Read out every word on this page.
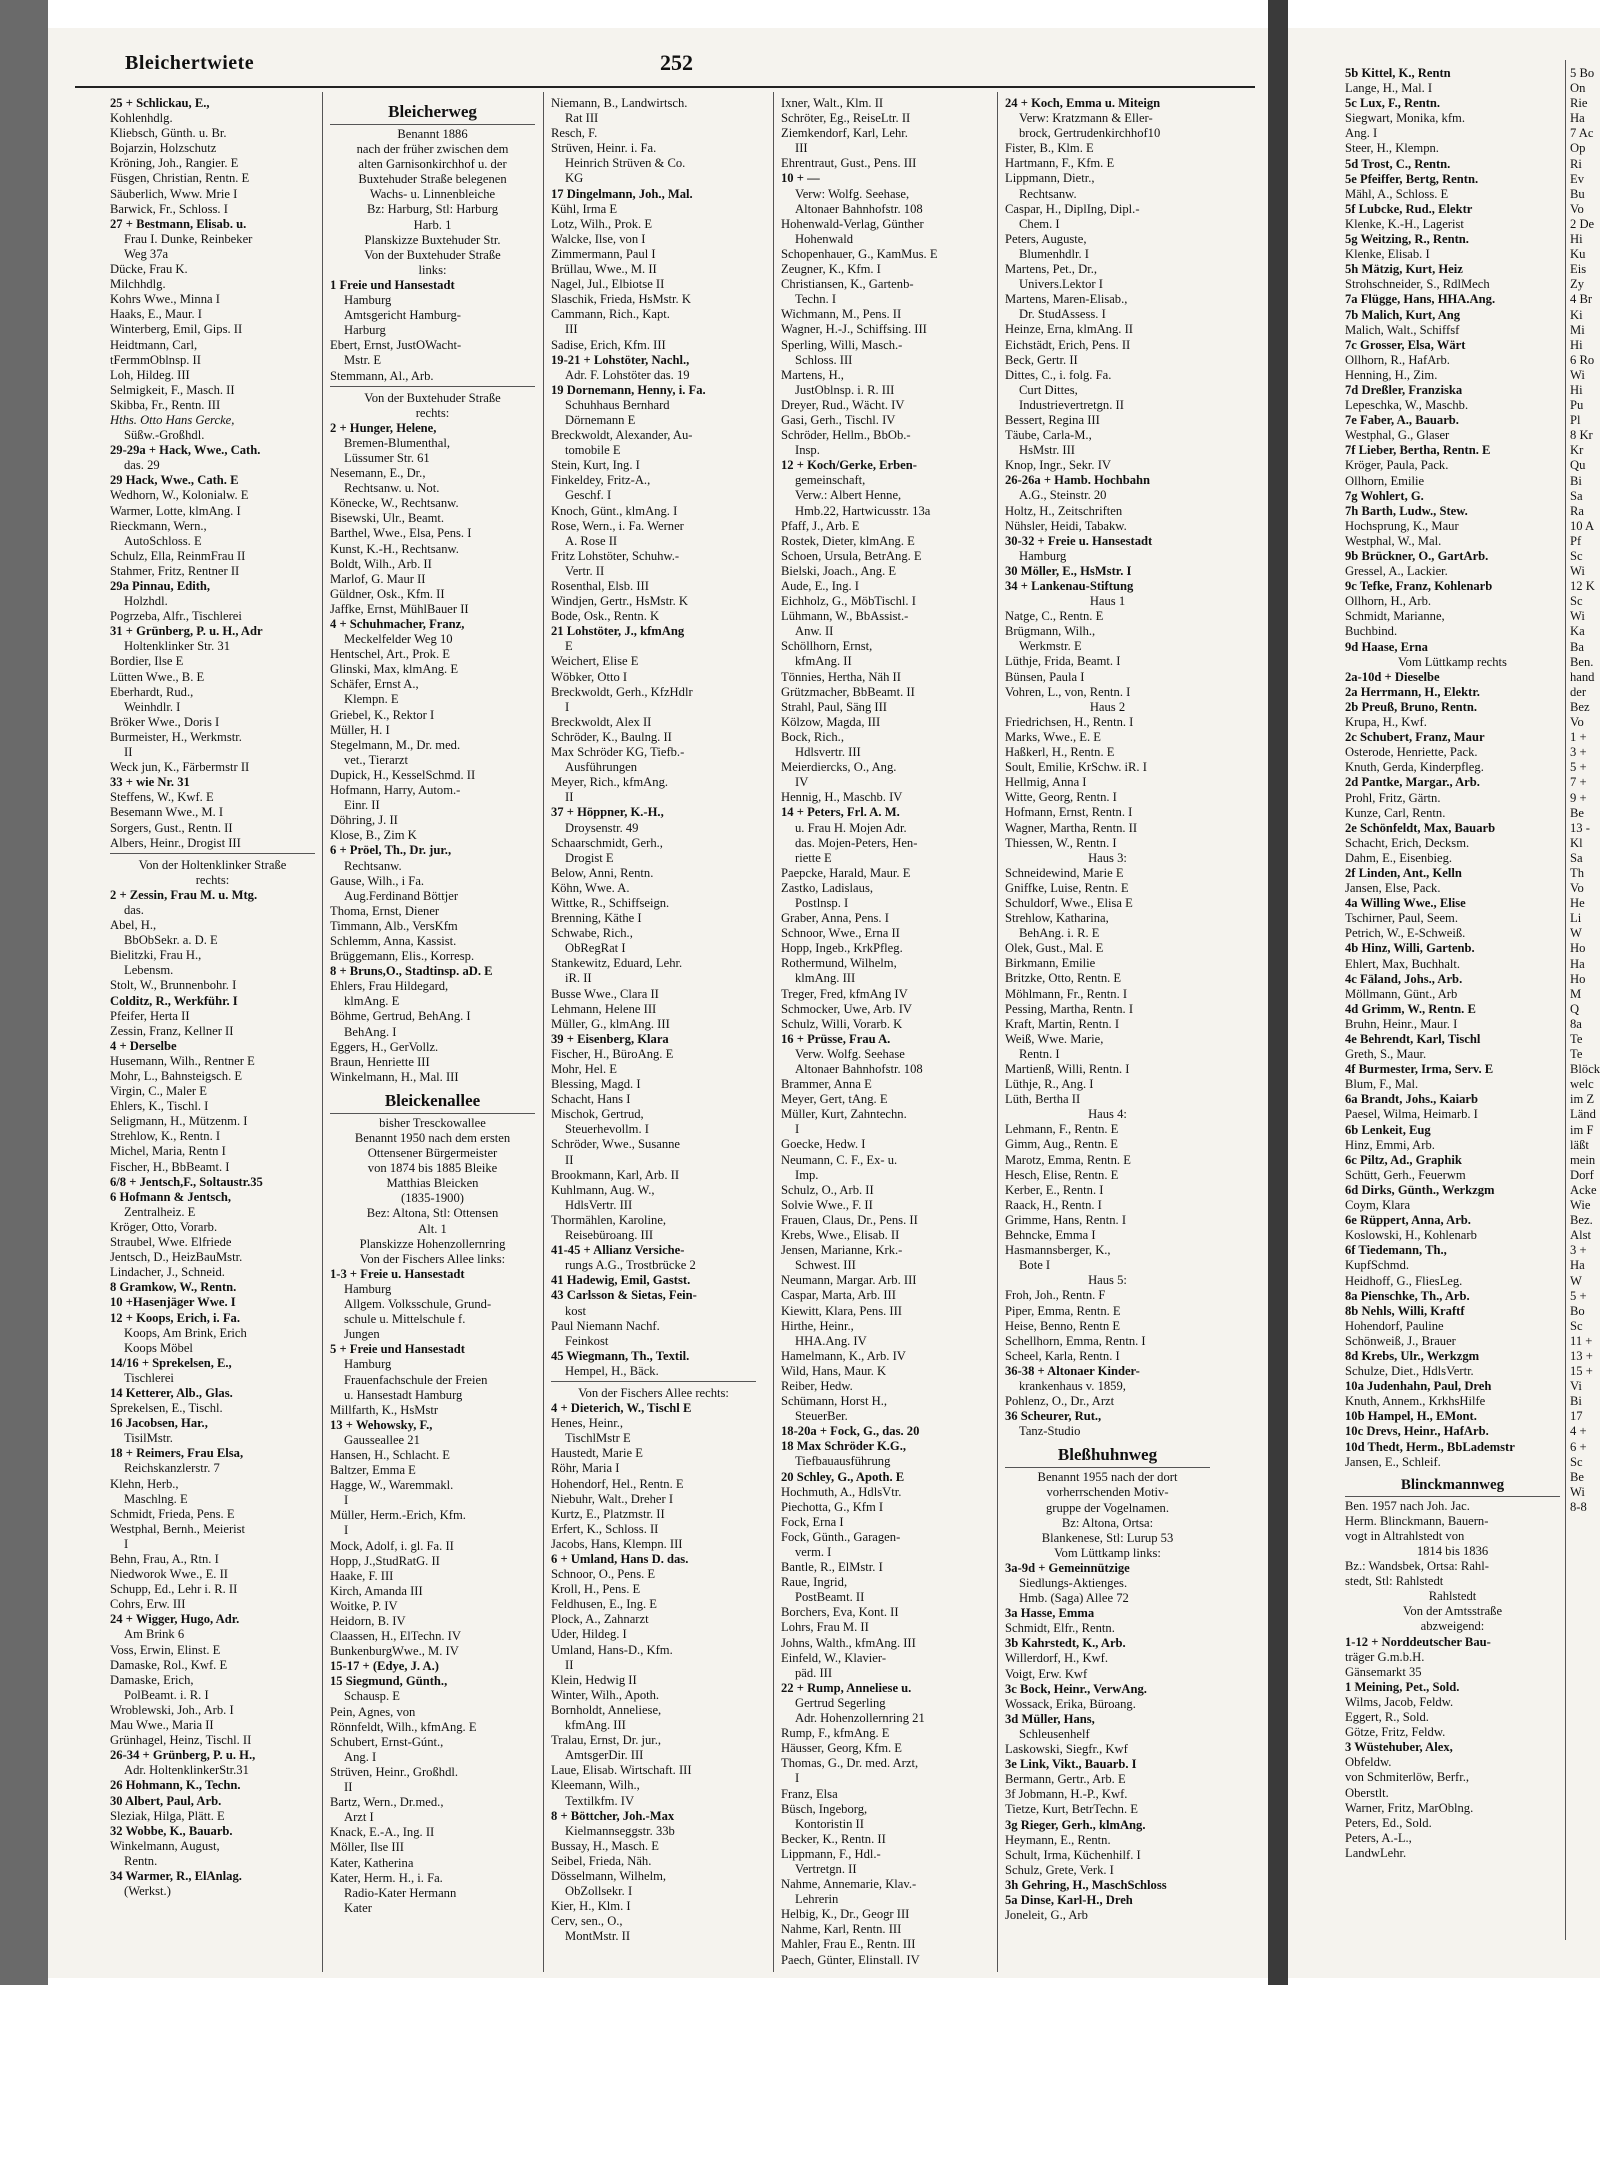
Bleichertwiete	252
25 + Schlickau, E.,
Kohlenhdlg.
Kliebsch, Günth. u. Br.
Bojarzin, Holzschutz
Kröning, Joh., Rangier. E
Füsgen, Christian, Rentn. E
Säuberlich, Www. Mrie I
Barwick, Fr., Schloss. I
27 + Bestmann, Elisab. u.
Frau I. Dunke, Reinbeker
Weg 37a
Dücke, Frau K.
Milchhdlg.
Kohrs Wwe., Minna I
Haaks, E., Maur. I
Winterberg, Emil, Gips. II
Heidtmann, Carl,
tFermmOblnsp. II
Loh, Hildeg. III
Selmigkeit, F., Masch. II
Skibba, Fr., Rentn. III
Hths. Otto Hans Gercke,
Süßw.-Großhdl.
29-29a + Hack, Wwe., Cath.
das. 29
29 Hack, Wwe., Cath. E
Wedhorn, W., Kolonialw. E
Warmer, Lotte, klmAng. I
Rieckmann, Wern.,
AutoSchloss. E
Schulz, Ella, ReinmFrau II
Stahmer, Fritz, Rentner II
29a Pinnau, Edith,
Holzhdl.
Pogrzeba, Alfr., Tischlerei
31 + Grünberg, P. u. H., Adr
Holtenklinker Str. 31
Bordier, Ilse E
Lütten Wwe., B. E
Eberhardt, Rud.,
Weinhdlr. I
Bröker Wwe., Doris I
Burmeister, H., Werkmstr.
II
Weck jun, K., Färbermstr II
33 + wie Nr. 31
Steffens, W., Kwf. E
Besemann Wwe., M. I
Sorgers, Gust., Rentn. II
Albers, Heinr., Drogist III
Von der Holtenklinker Straße
rechts:
2 + Zessin, Frau M. u. Mtg.
das.
Abel, H.,
BbObSekr. a. D. E
Bielitzki, Frau H.,
Lebensm.
Stolt, W., Brunnenbohr. I
Colditz, R., Werkführ. I
Pfeifer, Herta II
Zessin, Franz, Kellner II
4 + Derselbe
Husemann, Wilh., Rentner E
Mohr, L., Bahnsteigsch. E
Virgin, C., Maler E
Ehlers, K., Tischl. I
Seligmann, H., Mützenm. I
Strehlow, K., Rentn. I
Michel, Maria, Rentn I
Fischer, H., BbBeamt. I
6/8 + Jentsch,F., Soltaustr.35
6 Hofmann & Jentsch,
Zentralheiz. E
Kröger, Otto, Vorarb.
Straubel, Wwe. Elfriede
Jentsch, D., HeizBauMstr.
Lindacher, J., Schneid.
8 Gramkow, W., Rentn.
10 +Hasenjäger Wwe. I
12 + Koops, Erich, i. Fa.
Koops, Am Brink, Erich
Koops Möbel
14/16 + Sprekelsen, E.,
Tischlerei
14 Ketterer, Alb., Glas.
Sprekelsen, E., Tischl.
16 Jacobsen, Har.,
TisilMstr.
18 + Reimers, Frau Elsa,
Reichskanzlerstr. 7
Klehn, Herb.,
Maschlng. E
Schmidt, Frieda, Pens. E
Westphal, Bernh., Meierist
I
Behn, Frau, A., Rtn. I
Niedworok Wwe., E. II
Schupp, Ed., Lehr i. R. II
Cohrs, Erw. III
24 + Wigger, Hugo, Adr.
Am Brink 6
Voss, Erwin, Elinst. E
Damaske, Rol., Kwf. E
Damaske, Erich,
PolBeamt. i. R. I
Wroblewski, Joh., Arb. I
Mau Wwe., Maria II
Grünhagel, Heinz, Tischl. II
26-34 + Grünberg, P. u. H.,
Adr. HoltenklinkerStr.31
26 Hohmann, K., Techn.
30 Albert, Paul, Arb.
Sleziak, Hilga, Plätt. E
32 Wobbe, K., Bauarb.
Winkelmann, August,
Rentn.
34 Warmer, R., ElAnlag.
(Werkst.)
Bleicherweg
Benannt 1886
nach der früher zwischen dem
alten Garnisonkirchhof u. der
Buxtehuder Straße belegenen
Wachs- u. Linnenbleiche
Bz: Harburg, Stl: Harburg
Harb. 1
Planskizze Buxtehuder Str.
Von der Buxtehuder Straße
links:
1 Freie und Hansestadt
Hamburg
Amtsgericht Hamburg-
Harburg
Ebert, Ernst, JustOWacht-
Mstr. E
Stemmann, Al., Arb.
Von der Buxtehuder Straße
rechts:
2 + Hunger, Helene,
Bremen-Blumenthal,
Lüssumer Str. 61
Nesemann, E., Dr.,
Rechtsanw. u. Not.
Könecke, W., Rechtsanw.
Bisewski, Ulr., Beamt.
Barthel, Wwe., Elsa, Pens. I
Kunst, K.-H., Rechtsanw.
Boldt, Wilh., Arb. II
Marlof, G. Maur II
Güldner, Osk., Kfm. II
Jaffke, Ernst, MühlBauer II
4 + Schuhmacher, Franz,
Meckelfelder Weg 10
Hentschel, Art., Prok. E
Glinski, Max, klmAng. E
Schäfer, Ernst A.,
Klempn. E
Griebel, K., Rektor I
Müller, H. I
Stegelmann, M., Dr. med.
vet., Tierarzt
Dupick, H., KesselSchmd. II
Hofmann, Harry, Autom.-
Einr. II
Döhring, J. II
Klose, B., Zim K
6 + Pröel, Th., Dr. jur.,
Rechtsanw.
Gause, Wilh., i Fa.
Aug.Ferdinand Böttjer
Thoma, Ernst, Diener
Timmann, Alb., VersKfm
Schlemm, Anna, Kassist.
Brüggemann, Elis., Korresp.
8 + Bruns,O., Stadtinsp. aD. E
Ehlers, Frau Hildegard,
klmAng. E
Böhme, Gertrud, BehAng. I
BehAng. I
Eggers, H., GerVollz.
Braun, Henriette III
Winkelmann, H., Mal. III
Bleickenallee
bisher Tresckowallee
Benannt 1950 nach dem ersten
Ottensener Bürgermeister
von 1874 bis 1885 Bleike
Matthias Bleicken
(1835-1900)
Bez: Altona, Stl: Ottensen
Alt. 1
Planskizze Hohenzollernring
Von der Fischers Allee links:
1-3 + Freie u. Hansestadt
Hamburg
Allgem. Volksschule, Grund-
schule u. Mittelschule f.
Jungen
5 + Freie und Hansestadt
Hamburg
Frauenfachschule der Freien
u. Hansestadt Hamburg
Millfarth, K., HsMstr
13 + Wehowsky, F.,
Gausseallee 21
Hansen, H., Schlacht. E
Baltzer, Emma E
Hagge, W., Waremmakl.
I
Müller, Herm.-Erich, Kfm.
I
Mock, Adolf, i. gl. Fa. II
Hopp, J.,StudRatG. II
Haake, F. III
Kirch, Amanda III
Woitke, P. IV
Heidorn, B. IV
Claassen, H., ElTechn. IV
BunkenburgWwe., M. IV
15-17 + (Edye, J. A.)
15 Siegmund, Günth.,
Schausp. E
Pein, Agnes, von
Rönnfeldt, Wilh., kfmAng. E
Schubert, Ernst-Gúnt.,
Ang. I
Strüven, Heinr., Großhdl.
II
Bartz, Wern., Dr.med.,
Arzt I
Knack, E.-A., Ing. II
Möller, Ilse III
Kater, Katherina
Kater, Herm. H., i. Fa.
Radio-Kater Hermann
Kater
Niemann, B., Landwirtsch.
Rat III
Resch, F.
Strüven, Heinr. i. Fa.
Heinrich Strüven & Co.
KG
17 Dingelmann, Joh., Mal.
Kühl, Irma E
Lotz, Wilh., Prok. E
Walcke, Ilse, von I
Zimmermann, Paul I
Brüllau, Wwe., M. II
Nagel, Jul., Elbiotse II
Slaschik, Frieda, HsMstr. K
Cammann, Rich., Kapt.
III
Sadise, Erich, Kfm. III
19-21 + Lohstöter, Nachl.,
Adr. F. Lohstöter das. 19
19 Dornemann, Henny, i. Fa.
Schuhhaus Bernhard
Dörnemann E
Breckwoldt, Alexander, Au-
tomobile E
Stein, Kurt, Ing. I
Finkeldey, Fritz-A.,
Geschf. I
Knoch, Günt., klmAng. I
Rose, Wern., i. Fa. Werner
A. Rose II
Fritz Lohstöter, Schuhw.-
Vertr. II
Rosenthal, Elsb. III
Windjen, Gertr., HsMstr. K
Bode, Osk., Rentn. K
21 Lohstöter, J., kfmAng
E
Weichert, Elise E
Wöbker, Otto I
Breckwoldt, Gerh., KfzHdlr
I
Breckwoldt, Alex II
Schröder, K., Baulng. II
Max Schröder KG, Tiefb.-
Ausführungen
Meyer, Rich., kfmAng.
II
37 + Höppner, K.-H.,
Droysenstr. 49
Schaarschmidt, Gerh.,
Drogist E
Below, Anni, Rentn.
Köhn, Wwe. A.
Wittke, R., Schiffseign.
Brenning, Käthe I
Schwabe, Rich.,
ObRegRat I
Stankewitz, Eduard, Lehr.
iR. II
Busse Wwe., Clara II
Lehmann, Helene III
Müller, G., klmAng. III
39 + Eisenberg, Klara
Fischer, H., BüroAng. E
Mohr, Hel. E
Blessing, Magd. I
Schacht, Hans I
Mischok, Gertrud,
Steuerhevollm. I
Schröder, Wwe., Susanne
II
Brookmann, Karl, Arb. II
Kuhlmann, Aug. W.,
HdlsVertr. III
Thormählen, Karoline,
Reisebüroang. III
41-45 + Allianz Versiche-
rungs A.G., Trostbrücke 2
41 Hadewig, Emil, Gastst.
43 Carlsson & Sietas, Fein-
kost
Paul Niemann Nachf.
Feinkost
45 Wiegmann, Th., Textil.
Hempel, H., Bäck.
Von der Fischers Allee rechts:
4 + Dieterich, W., Tischl E
Henes, Heinr.,
TischlMstr E
Haustedt, Marie E
Röhr, Maria I
Hohendorf, Hel., Rentn. E
Niebuhr, Walt., Dreher I
Kurtz, E., Platzmstr. II
Erfert, K., Schloss. II
Jacobs, Hans, Klempn. III
6 + Umland, Hans D. das.
Schnoor, O., Pens. E
Kroll, H., Pens. E
Feldhusen, E., Ing. E
Plock, A., Zahnarzt
Uder, Hildeg. I
Umland, Hans-D., Kfm.
II
Klein, Hedwig II
Winter, Wilh., Apoth.
Bornholdt, Anneliese,
kfmAng. III
Tralau, Ernst, Dr. jur.,
AmtsgerDir. III
Laue, Elisab. Wirtschaft. III
Kleemann, Wilh.,
Textilkfm. IV
8 + Böttcher, Joh.-Max
Kielmannseggstr. 33b
Bussay, H., Masch. E
Seibel, Frieda, Näh.
Dösselmann, Wilhelm,
ObZollsekr. I
Kier, H., Klm. I
Cerv, sen., O.,
MontMstr. II
Ixner, Walt., Klm. II
Schröter, Eg., ReiseLtr. II
Ziemkendorf, Karl, Lehr.
III
Ehrentraut, Gust., Pens. III
10 + —
Verw: Wolfg. Seehase,
Altonaer Bahnhofstr. 108
Hohenwald-Verlag, Günther
Hohenwald
Schopenhauer, G., KamMus. E
Zeugner, K., Kfm. I
Christiansen, K., Gartenb-
Techn. I
Wichmann, M., Pens. II
Wagner, H.-J., Schiffsing. III
Sperling, Willi, Masch.-
Schloss. III
Martens, H.,
JustOblnsp. i. R. III
Dreyer, Rud., Wächt. IV
Gasi, Gerh., Tischl. IV
Schröder, Hellm., BbOb.-
Insp.
12 + Koch/Gerke, Erben-
gemeinschaft,
Verw.: Albert Henne,
Hmb.22, Hartwicusstr. 13a
Pfaff, J., Arb. E
Rostek, Dieter, klmAng. E
Schoen, Ursula, BetrAng. E
Bielski, Joach., Ang. E
Aude, E., Ing. I
Eichholz, G., MöbTischl. I
Lühmann, W., BbAssist.-
Anw. II
Schöllhorn, Ernst,
kfmAng. II
Tönnies, Hertha, Näh II
Grützmacher, BbBeamt. II
Strahl, Paul, Säng III
Kölzow, Magda, III
Bock, Rich.,
Hdlsvertr. III
Meierdiercks, O., Ang.
IV
Hennig, H., Maschb. IV
14 + Peters, Frl. A. M.
u. Frau H. Mojen Adr.
das. Mojen-Peters, Hen-
riette E
Paepcke, Harald, Maur. E
Zastko, Ladislaus,
Postlnsp. I
Graber, Anna, Pens. I
Schnoor, Wwe., Erna II
Hopp, Ingeb., KrkPfleg.
Rothermund, Wilhelm,
klmAng. III
Treger, Fred, kfmAng IV
Schmocker, Uwe, Arb. IV
Schulz, Willi, Vorarb. K
16 + Prüsse, Frau A.
Verw. Wolfg. Seehase
Altonaer Bahnhofstr. 108
Brammer, Anna E
Meyer, Gert, tAng. E
Müller, Kurt, Zahntechn.
I
Goecke, Hedw. I
Neumann, C. F., Ex- u.
Imp.
Schulz, O., Arb. II
Solvie Wwe., F. II
Frauen, Claus, Dr., Pens. II
Krebs, Wwe., Elisab. II
Jensen, Marianne, Krk.-
Schwest. III
Neumann, Margar. Arb. III
Caspar, Marta, Arb. III
Kiewitt, Klara, Pens. III
Hirthe, Heinr.,
HHA.Ang. IV
Hamelmann, K., Arb. IV
Wild, Hans, Maur. K
Reiber, Hedw.
Schümann, Horst H.,
SteuerBer.
18-20a + Fock, G., das. 20
18 Max Schröder K.G.,
Tiefbauausführung
20 Schley, G., Apoth. E
Hochmuth, A., HdlsVtr.
Piechotta, G., Kfm I
Fock, Erna I
Fock, Günth., Garagen-
verm. I
Bantle, R., ElMstr. I
Raue, Ingrid,
PostBeamt. II
Borchers, Eva, Kont. II
Lohrs, Frau M. II
Johns, Walth., kfmAng. III
Einfeld, W., Klavier-
päd. III
22 + Rump, Anneliese u.
Gertrud Segerling
Adr. Hohenzollernring 21
Rump, F., kfmAng. E
Häusser, Georg, Kfm. E
Thomas, G., Dr. med. Arzt,
I
Franz, Elsa
Büsch, Ingeborg,
Kontoristin II
Becker, K., Rentn. II
Lippmann, F., Hdl.-
Vertretgn. II
Nahme, Annemarie, Klav.-
Lehrerin
Helbig, K., Dr., Geogr III
Nahme, Karl, Rentn. III
Mahler, Frau E., Rentn. III
Paech, Günter, Elinstall. IV
24 + Koch, Emma u. Miteign
Verw: Kratzmann & Eller-
brock, Gertrudenkirchhof10
Fister, B., Klm. E
Hartmann, F., Kfm. E
Lippmann, Dietr.,
Rechtsanw.
Caspar, H., DiplIng, Dipl.-
Chem. I
Peters, Auguste,
Blumenhdlr. I
Martens, Pet., Dr.,
Univers.Lektor I
Martens, Maren-Elisab.,
Dr. StudAssess. I
Heinze, Erna, klmAng. II
Eichstädt, Erich, Pens. II
Beck, Gertr. II
Dittes, C., i. folg. Fa.
Curt Dittes,
Industrievertretgn. II
Bessert, Regina III
Täube, Carla-M.,
HsMstr. III
Knop, Ingr., Sekr. IV
26-26a + Hamb. Hochbahn
A.G., Steinstr. 20
Holtz, H., Zeitschriften
Nühsler, Heidi, Tabakw.
30-32 + Freie u. Hansestadt
Hamburg
30 Möller, E., HsMstr. I
34 + Lankenau-Stiftung
Haus 1
Natge, C., Rentn. E
Brügmann, Wilh.,
Werkmstr. E
Lüthje, Frida, Beamt. I
Bünsen, Paula I
Vohren, L., von, Rentn. I
Haus 2
Friedrichsen, H., Rentn. I
Marks, Wwe., E. E
Haßkerl, H., Rentn. E
Soult, Emilie, KrSchw. iR. I
Hellmig, Anna I
Witte, Georg, Rentn. I
Hofmann, Ernst, Rentn. I
Wagner, Martha, Rentn. II
Thiessen, W., Rentn. I
Haus 3:
Schneidewind, Marie E
Gniffke, Luise, Rentn. E
Schuldorf, Wwe., Elisa E
Strehlow, Katharina,
BehAng. i. R. E
Olek, Gust., Mal. E
Birkmann, Emilie
Britzke, Otto, Rentn. E
Möhlmann, Fr., Rentn. I
Pessing, Martha, Rentn. I
Kraft, Martin, Rentn. I
Weiß, Wwe. Marie,
Rentn. I
Martienß, Willi, Rentn. I
Lüthje, R., Ang. I
Lüth, Bertha II
Haus 4:
Lehmann, F., Rentn. E
Gimm, Aug., Rentn. E
Marotz, Emma, Rentn. E
Hesch, Elise, Rentn. E
Kerber, E., Rentn. I
Raack, H., Rentn. I
Grimme, Hans, Rentn. I
Behncke, Emma I
Hasmannsberger, K.,
Bote I
Haus 5:
Froh, Joh., Rentn. F
Piper, Emma, Rentn. E
Heise, Benno, Rentn E
Schellhorn, Emma, Rentn. I
Scheel, Karla, Rentn. I
36-38 + Altonaer Kinder-
krankenhaus v. 1859,
Pohlenz, O., Dr., Arzt
36 Scheurer, Rut.,
Tanz-Studio
Bleßhuhnweg
Benannt 1955 nach der dort
vorherrschenden Motiv-
gruppe der Vogelnamen.
Bz: Altona, Ortsa:
Blankenese, Stl: Lurup 53
Vom Lüttkamp links:
3a-9d + Gemeinnützige
Siedlungs-Aktienges.
Hmb. (Saga) Allee 72
3a Hasse, Emma
Schmidt, Elfr., Rentn.
3b Kahrstedt, K., Arb.
Willerdorf, H., Kwf.
Voigt, Erw. Kwf
3c Bock, Heinr., VerwAng.
Wossack, Erika, Büroang.
3d Müller, Hans,
Schleusenhelf
Laskowski, Siegfr., Kwf
3e Link, Vikt., Bauarb. I
Bermann, Gertr., Arb. E
3f Jobmann, H.-P., Kwf.
Tietze, Kurt, BetrTechn. E
3g Rieger, Gerh., klmAng.
Heymann, E., Rentn.
Schult, Irma, Küchenhilf. I
Schulz, Grete, Verk. I
3h Gehring, H., MaschSchloss
5a Dinse, Karl-H., Dreh
Joneleit, G., Arb
5b Kittel, K., Rentn
Lange, H., Mal. I
5c Lux, F., Rentn.
Siegwart, Monika, kfm.
Ang. I
Steer, H., Klempn.
5d Trost, C., Rentn.
5e Pfeiffer, Bertg, Rentn.
Mähl, A., Schloss. E
5f Lubcke, Rud., Elektr
Klenke, K.-H., Lagerist
5g Weitzing, R., Rentn.
Klenke, Elisab. I
5h Mätzig, Kurt, Heiz
Strohschneider, S., RdlMech
7a Flügge, Hans, HHA.Ang.
7b Malich, Kurt, Ang
Malich, Walt., Schiffsf
7c Grosser, Elsa, Wärt
Ollhorn, R., HafArb.
Henning, H., Zim.
7d Dreßler, Franziska
Lepeschka, W., Maschb.
7e Faber, A., Bauarb.
Westphal, G., Glaser
7f Lieber, Bertha, Rentn. E
Kröger, Paula, Pack.
Ollhorn, Emilie
7g Wohlert, G.
7h Barth, Ludw., Stew.
Hochsprung, K., Maur
Westphal, W., Mal.
9b Brückner, O., GartArb.
Gressel, A., Lackier.
9c Tefke, Franz, Kohlenarb
Ollhorn, H., Arb.
Schmidt, Marianne,
Buchbind.
9d Haase, Erna
Vom Lüttkamp rechts
2a-10d + Dieselbe
2a Herrmann, H., Elektr.
2b Preuß, Bruno, Rentn.
Krupa, H., Kwf.
2c Schubert, Franz, Maur
Osterode, Henriette, Pack.
Knuth, Gerda, Kinderpfleg.
2d Pantke, Margar., Arb.
Prohl, Fritz, Gärtn.
Kunze, Carl, Rentn.
2e Schönfeldt, Max, Bauarb
Schacht, Erich, Decksm.
Dahm, E., Eisenbieg.
2f Linden, Ant., Kelln
Jansen, Else, Pack.
4a Willing Wwe., Elise
Tschirner, Paul, Seem.
Petrich, W., E-Schweiß.
4b Hinz, Willi, Gartenb.
Ehlert, Max, Buchhalt.
4c Fäland, Johs., Arb.
Möllmann, Günt., Arb
4d Grimm, W., Rentn. E
Bruhn, Heinr., Maur. I
4e Behrendt, Karl, Tischl
Greth, S., Maur.
4f Burmester, Irma, Serv. E
Blum, F., Mal.
6a Brandt, Johs., Kaiarb
Paesel, Wilma, Heimarb. I
6b Lenkeit, Eug
Hinz, Emmi, Arb.
6c Piltz, Ad., Graphik
Schütt, Gerh., Feuerwm
6d Dirks, Günth., Werkzgm
Coym, Klara
6e Rüppert, Anna, Arb.
Koslowski, H., Kohlenarb
6f Tiedemann, Th.,
KupfSchmd.
Heidhoff, G., FliesLeg.
8a Pienschke, Th., Arb.
8b Nehls, Willi, Kraftf
Hohendorf, Pauline
Schönweiß, J., Brauer
8d Krebs, Ulr., Werkzgm
Schulze, Diet., HdlsVertr.
10a Judenhahn, Paul, Dreh
Knuth, Annem., KrkhsHilfe
10b Hampel, H., EMont.
10c Drevs, Heinr., HafArb.
10d Thedt, Herm., BbLademstr
Jansen, E., Schleif.
Blinckmannweg
Ben. 1957 nach Joh. Jac.
Herm. Blinckmann, Bauern-
vogt in Altrahlstedt von
1814 bis 1836
Bz.: Wandsbek, Ortsa: Rahl-
stedt, Stl: Rahlstedt
Rahlstedt
Von der Amtsstraße
abzweigend:
1-12 + Norddeutscher Bau-
träger G.m.b.H.
Gänsemarkt 35
1 Meining, Pet., Sold.
Wilms, Jacob, Feldw.
Eggert, R., Sold.
Götze, Fritz, Feldw.
3 Wüstehuber, Alex,
Obfeldw.
von Schmiterlöw, Berfr.,
Oberstlt.
Warner, Fritz, MarOblng.
Peters, Ed., Sold.
Peters, A.-L.,
LandwLehr.
5 Bo
On
Rie
Ha
7 Ac
Op
Ri
Ev
Bu
Vo
2 De
Hi
Ku
Eis
Zy
4 Br
Ki
Mi
Hi
6 Ro
Wi
Hi
Pu
Pl
8 Kr
Kr
Qu
Bi
Sa
Ra
10 A
Pf
Sc
Wi
12 K
Sc
Wi
Ka
Ba
Ben.
hand
der
Bez
Vo
1 +
3 +
5 +
7 +
9 +
Be
13 -
Kl
Sa
Th
Vo
He
Li
W
Ho
Ha
Ho
M
Q
8a
Te
Te
Blöck
welc
im Z
Länd
im F
läßt
mein
Dorf
Acke
Wie
Bez.
Alst
3 +
Ha
W
5 +
Bo
Sc
11 +
13 +
15 +
Vi
Bi
17
4 +
6 +
Sc
Be
Wi
8-8
